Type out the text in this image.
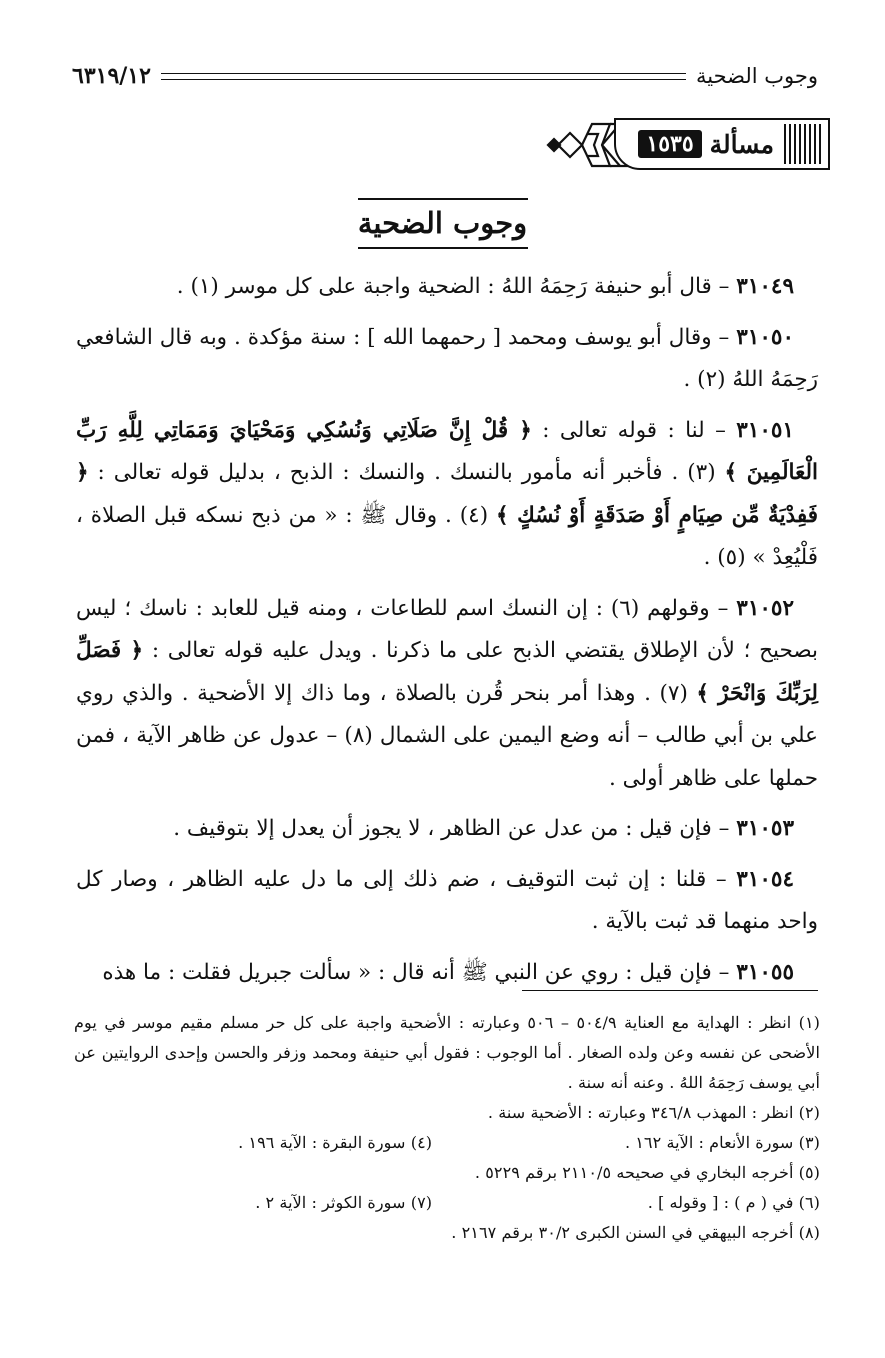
وجوب الضحية
٦٣١٩/١٢
مسألة
١٥٣٥
وجوب الضحية

٣١٠٤٩ – قال أبو حنيفة رَحِمَهُ اللهُ : الضحية واجبة على كل موسر (١) .

٣١٠٥٠ – وقال أبو يوسف ومحمد [ رحمهما الله ] : سنة مؤكدة . وبه قال الشافعي رَحِمَهُ اللهُ (٢) .

٣١٠٥١ – لنا : قوله تعالى : ﴿ قُلْ إِنَّ صَلَاتِي وَنُسُكِي وَمَحْيَايَ وَمَمَاتِي لِلَّهِ رَبِّ الْعَالَمِينَ ﴾ (٣) . فأخبر أنه مأمور بالنسك . والنسك : الذبح ، بدليل قوله تعالى : ﴿ فَفِدْيَةٌ مِّن صِيَامٍ أَوْ صَدَقَةٍ أَوْ نُسُكٍ ﴾ (٤) . وقال ﷺ : « من ذبح نسكه قبل الصلاة ، فَلْيُعِدْ » (٥) .

٣١٠٥٢ – وقولهم (٦) : إن النسك اسم للطاعات ، ومنه قيل للعابد : ناسك ؛ ليس بصحيح ؛ لأن الإطلاق يقتضي الذبح على ما ذكرنا . ويدل عليه قوله تعالى : ﴿ فَصَلِّ لِرَبِّكَ وَانْحَرْ ﴾ (٧) . وهذا أمر بنحر قُرن بالصلاة ، وما ذاك إلا الأضحية . والذي روي علي بن أبي طالب – أنه وضع اليمين على الشمال (٨) – عدول عن ظاهر الآية ، فمن حملها على ظاهر أولى .

٣١٠٥٣ – فإن قيل : من عدل عن الظاهر ، لا يجوز أن يعدل إلا بتوقيف .

٣١٠٥٤ – قلنا : إن ثبت التوقيف ، ضم ذلك إلى ما دل عليه الظاهر ، وصار كل واحد منهما قد ثبت بالآية .

٣١٠٥٥ – فإن قيل : روي عن النبي ﷺ أنه قال : « سألت جبريل فقلت : ما هذه

(١) انظر : الهداية مع العناية ٥٠٤/٩ – ٥٠٦ وعبارته : الأضحية واجبة على كل حر مسلم مقيم موسر في يوم الأضحى عن نفسه وعن ولده الصغار . أما الوجوب : فقول أبي حنيفة ومحمد وزفر والحسن وإحدى الروايتين عن أبي يوسف رَحِمَهُ اللهُ . وعنه أنه سنة .

(٢) انظر : المهذب ٣٤٦/٨ وعبارته : الأضحية سنة .

(٣) سورة الأنعام : الآية ١٦٢ .
(٤) سورة البقرة : الآية ١٩٦ .

(٥) أخرجه البخاري في صحيحه ٢١١٠/٥ برقم ٥٢٢٩ .

(٦) في ( م ) : [ وقوله ] .
(٧) سورة الكوثر : الآية ٢ .

(٨) أخرجه البيهقي في السنن الكبرى ٣٠/٢ برقم ٢١٦٧ .
